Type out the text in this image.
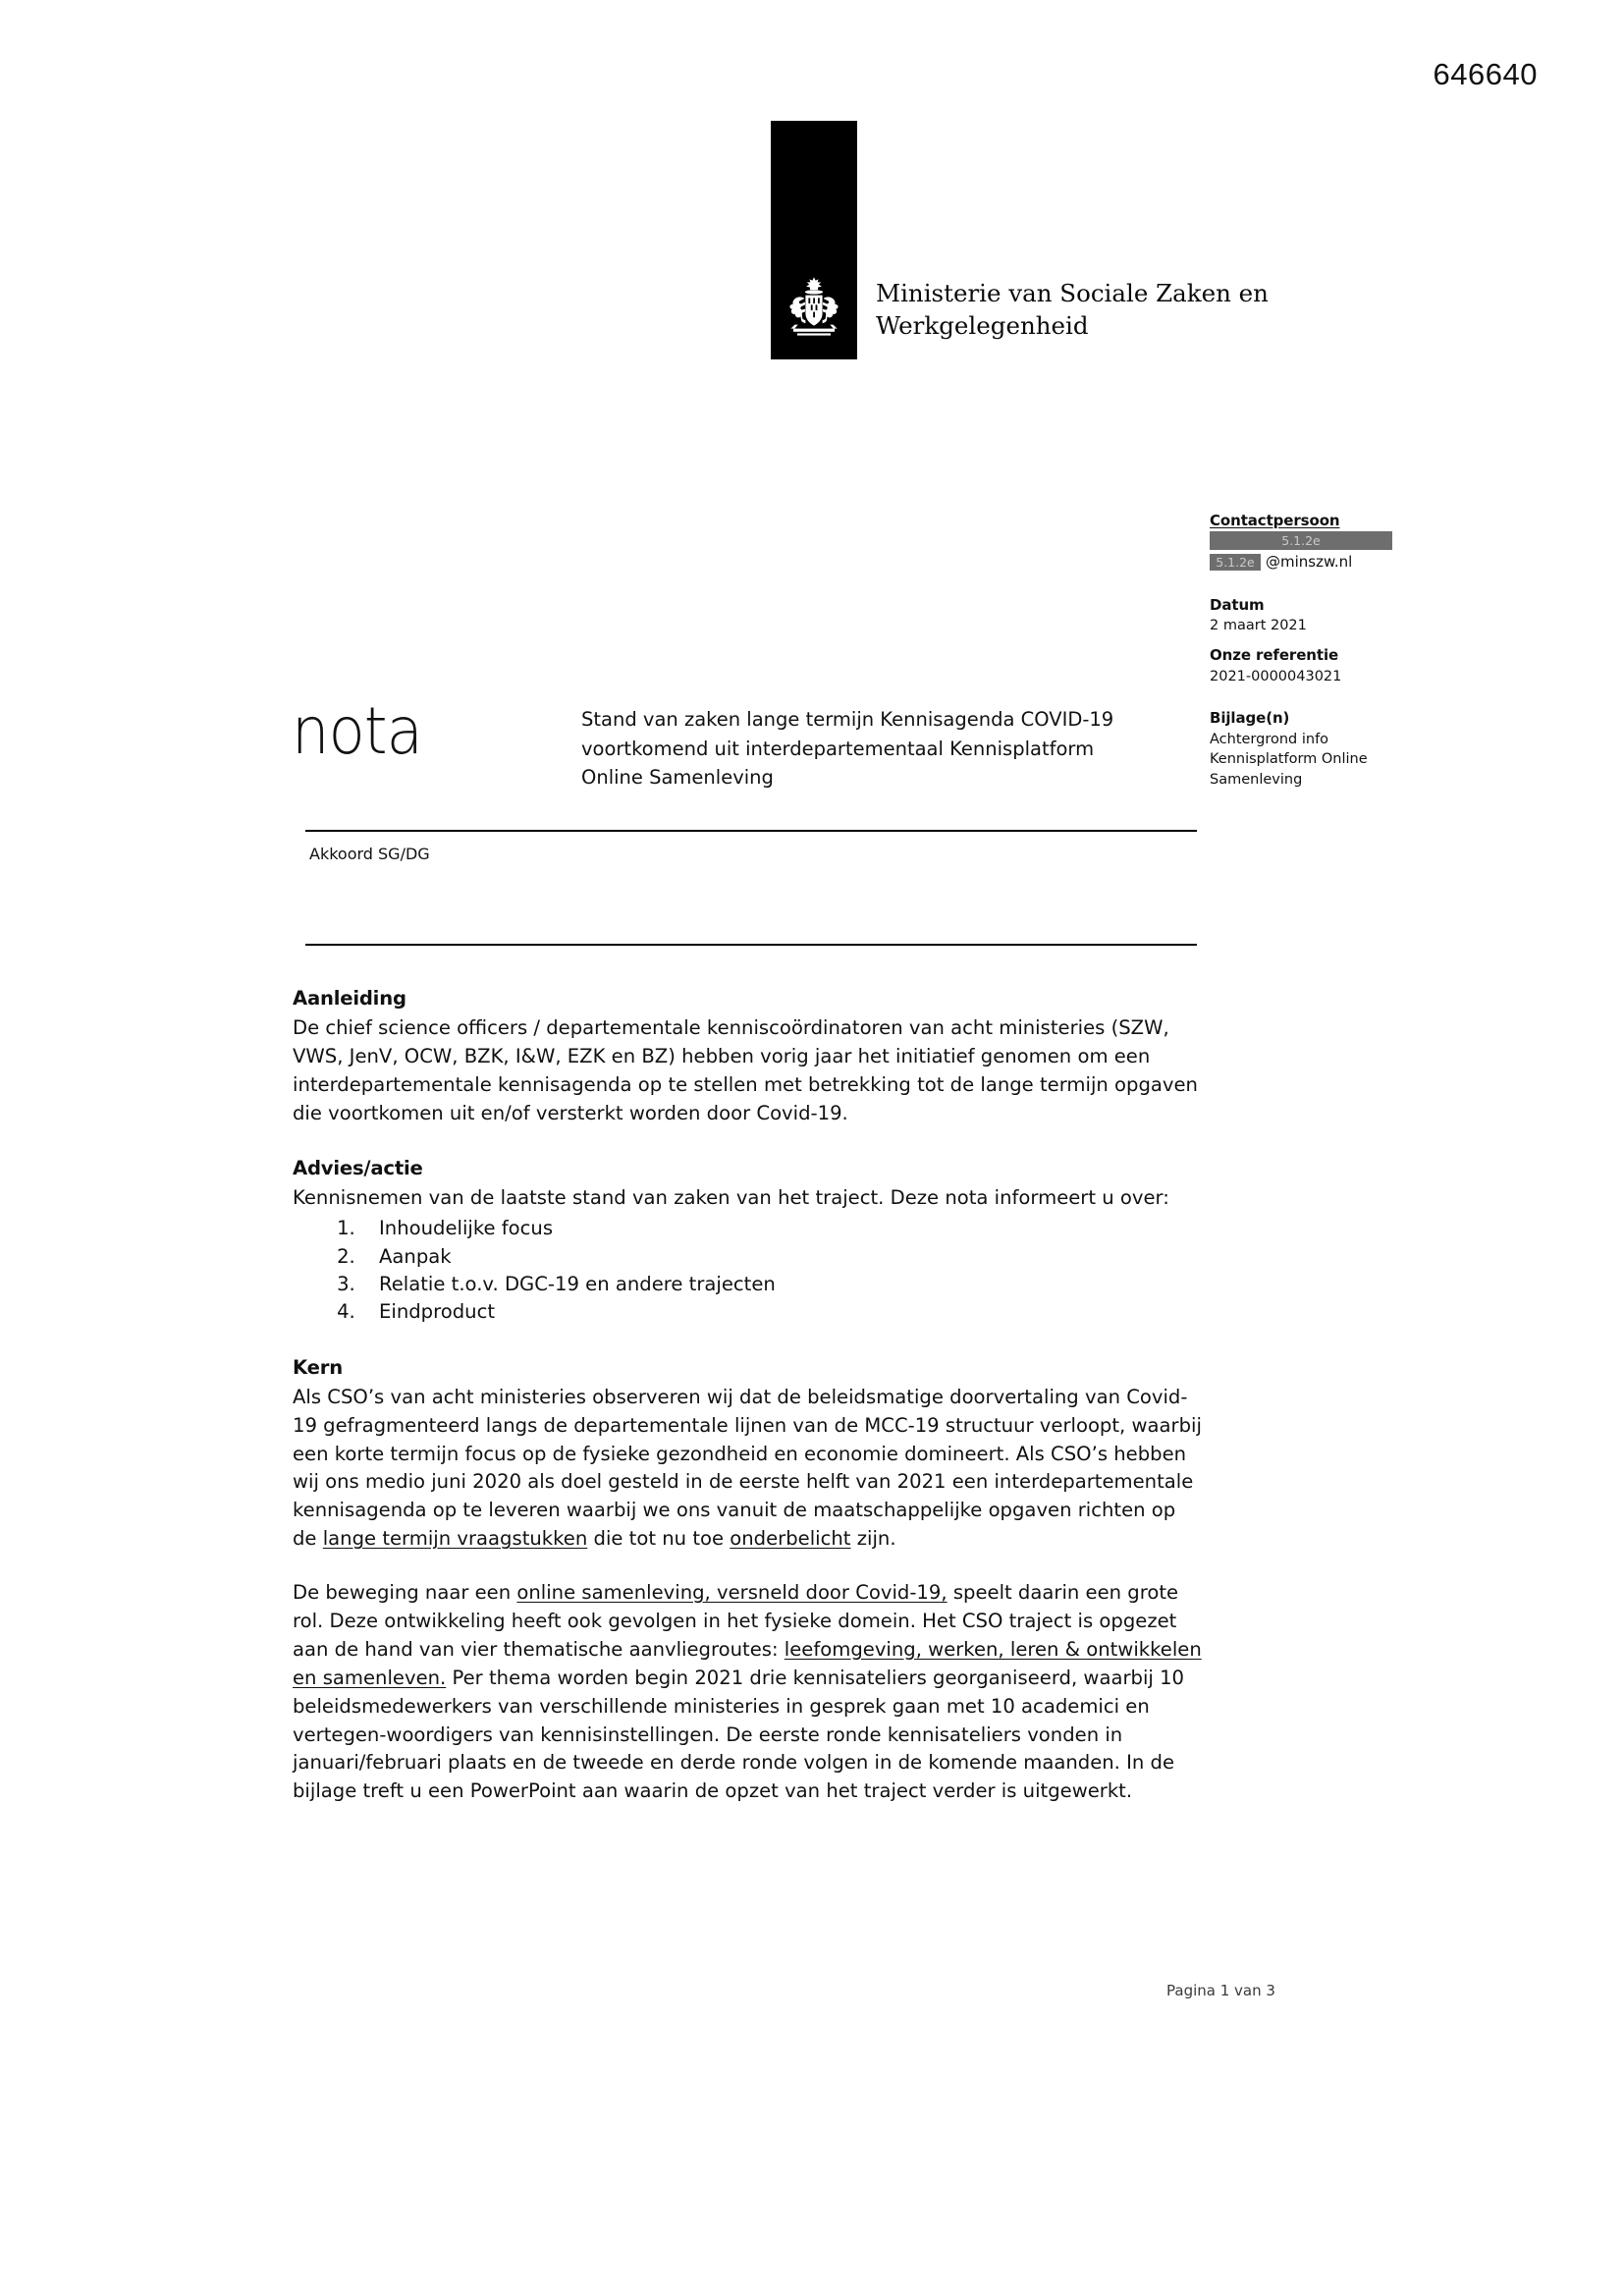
646640
Ministerie van Sociale Zaken en
Werkgelegenheid
Contactpersoon
5.1.2e
5.1.2e @minszw.nl
Datum
2 maart 2021
Onze referentie
2021-0000043021
Bijlage(n)
Achtergrond info
Kennisplatform Online
Samenleving
nota	Stand van zaken lange termijn Kennisagenda COVID-19
voortkomend uit interdepartementaal Kennisplatform
Online Samenleving
Akkoord SG/DG
Aanleiding

De chief science officers / departementale kenniscoördinatoren van acht ministeries (SZW, VWS, JenV, OCW, BZK, I&W, EZK en BZ) hebben vorig jaar het initiatief genomen om een interdepartementale kennisagenda op te stellen met betrekking tot de lange termijn opgaven die voortkomen uit en/of versterkt worden door Covid-19.

Advies/actie

Kennisnemen van de laatste stand van zaken van het traject. Deze nota informeert u over:

1. Inhoudelijke focus
2. Aanpak
3. Relatie t.o.v. DGC-19 en andere trajecten
4. Eindproduct
Kern

Als CSO’s van acht ministeries observeren wij dat de beleidsmatige doorvertaling van Covid-19 gefragmenteerd langs de departementale lijnen van de MCC-19 structuur verloopt, waarbij een korte termijn focus op de fysieke gezondheid en economie domineert. Als CSO’s hebben wij ons medio juni 2020 als doel gesteld in de eerste helft van 2021 een interdepartementale kennisagenda op te leveren waarbij we ons vanuit de maatschappelijke opgaven richten op de lange termijn vraagstukken die tot nu toe onderbelicht zijn.

De beweging naar een online samenleving, versneld door Covid-19, speelt daarin een grote rol. Deze ontwikkeling heeft ook gevolgen in het fysieke domein. Het CSO traject is opgezet aan de hand van vier thematische aanvliegroutes: leefomgeving, werken, leren & ontwikkelen en samenleven. Per thema worden begin 2021 drie kennisateliers georganiseerd, waarbij 10 beleidsmedewerkers van verschillende ministeries in gesprek gaan met 10 academici en vertegen-woordigers van kennisinstellingen. De eerste ronde kennisateliers vonden in januari/februari plaats en de tweede en derde ronde volgen in de komende maanden. In de bijlage treft u een PowerPoint aan waarin de opzet van het traject verder is uitgewerkt.

Pagina 1 van 3
